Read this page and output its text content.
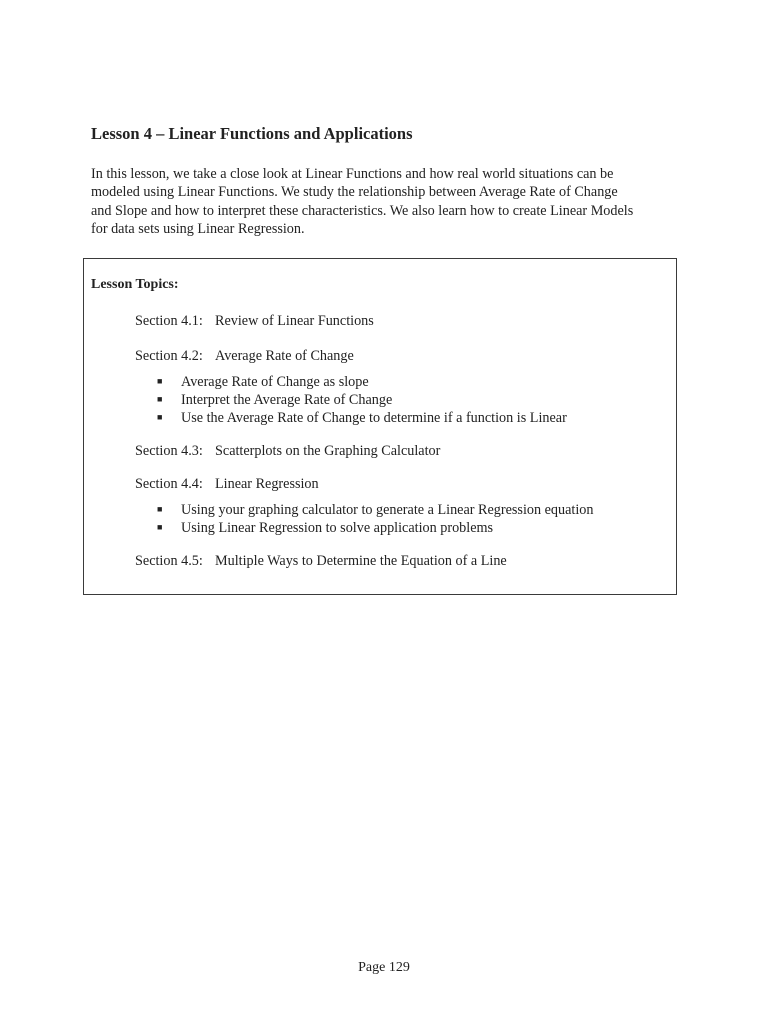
Lesson 4 – Linear Functions and Applications
In this lesson, we take a close look at Linear Functions and how real world situations can be
modeled using Linear Functions. We study the relationship between Average Rate of Change
and Slope and how to interpret these characteristics. We also learn how to create Linear Models
for data sets using Linear Regression.
Lesson Topics:
Section 4.1: Review of Linear Functions
Section 4.2: Average Rate of Change
■ Average Rate of Change as slope
■ Interpret the Average Rate of Change
■ Use the Average Rate of Change to determine if a function is Linear
Section 4.3: Scatterplots on the Graphing Calculator
Section 4.4: Linear Regression
■ Using your graphing calculator to generate a Linear Regression equation
■ Using Linear Regression to solve application problems
Section 4.5: Multiple Ways to Determine the Equation of a Line
Page 129
